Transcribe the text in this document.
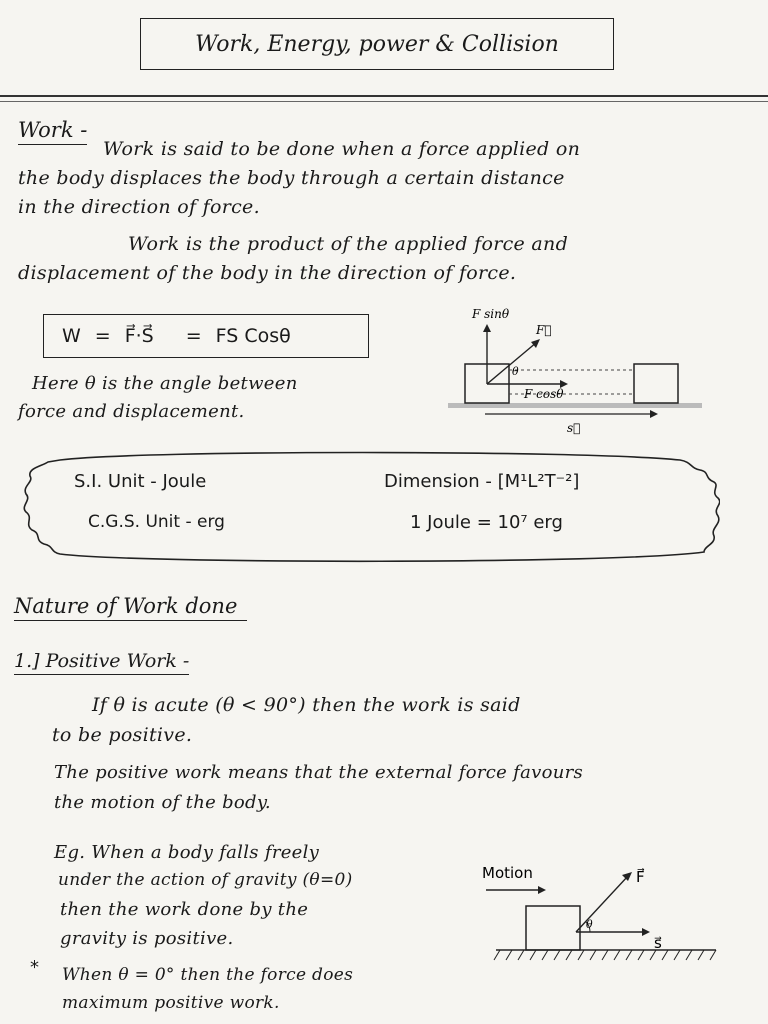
Work, Energy, power & Collision
Work -
Work is said to be done when a force applied on
the body displaces the body through a certain distance
in the direction of force.
Work is the product of the applied force and
displacement of the body in the direction of force.
W = F⃗·S⃗ = FS Cosθ
Here θ is the angle between
force and displacement.
F sinθ
F⃗
θ
F cosθ
s⃗
S.I. Unit - Joule	Dimension - [M¹L²T⁻²]
C.G.S. Unit - erg	1 Joule = 10⁷ erg
Nature of Work done
1.] Positive Work -
If θ is acute (θ < 90°) then the work is said
to be positive.
The positive work means that the external force favours
the motion of the body.
Eg. When a body falls freely
under the action of gravity (θ=0)
then the work done by the
gravity is positive.
* When θ = 0° then the force does
maximum positive work.
Motion	F⃗
θ
s⃗
